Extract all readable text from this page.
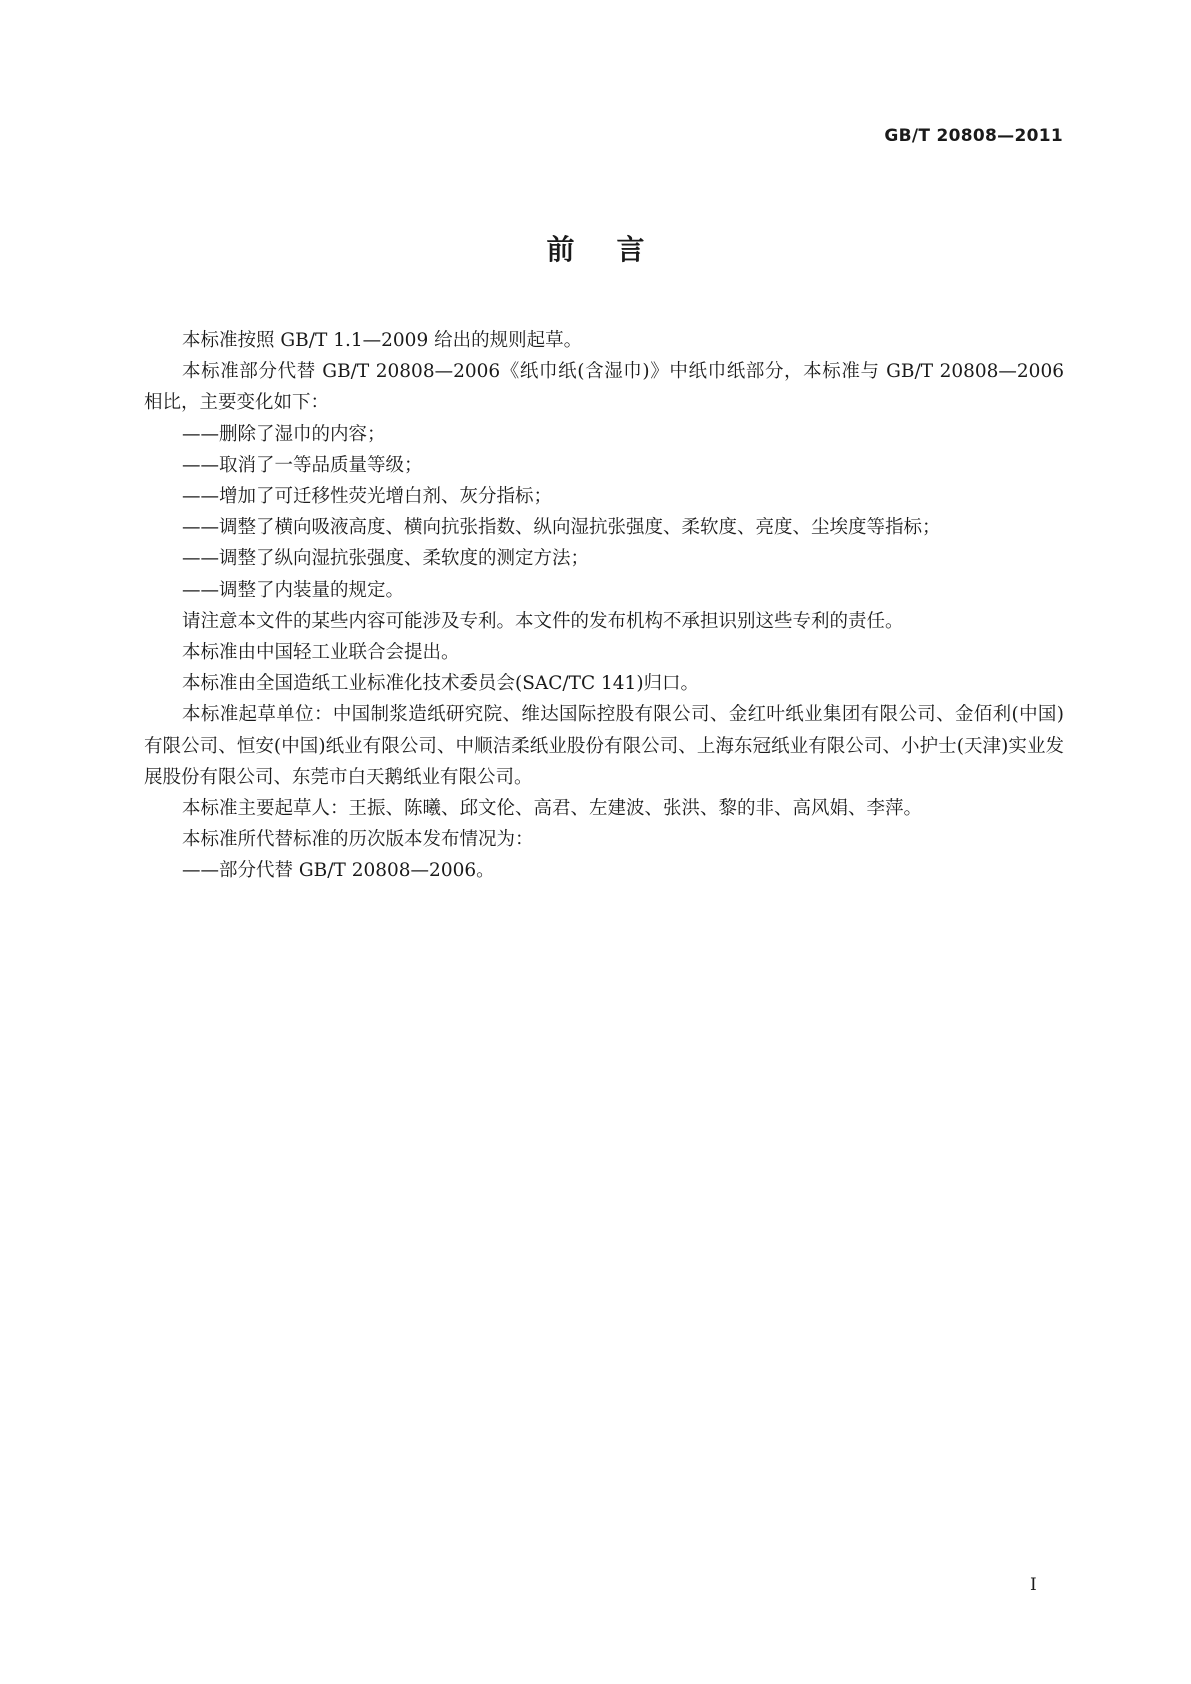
GB/T 20808—2011
前言

本标准按照 GB/T 1.1—2009 给出的规则起草。

本标准部分代替 GB/T 20808—2006《纸巾纸(含湿巾)》中纸巾纸部分，本标准与 GB/T 20808—2006 相比，主要变化如下：

——删除了湿巾的内容；

——取消了一等品质量等级；

——增加了可迁移性荧光增白剂、灰分指标；

——调整了横向吸液高度、横向抗张指数、纵向湿抗张强度、柔软度、亮度、尘埃度等指标；

——调整了纵向湿抗张强度、柔软度的测定方法；

——调整了内装量的规定。

请注意本文件的某些内容可能涉及专利。本文件的发布机构不承担识别这些专利的责任。

本标准由中国轻工业联合会提出。

本标准由全国造纸工业标准化技术委员会(SAC/TC 141)归口。

本标准起草单位：中国制浆造纸研究院、维达国际控股有限公司、金红叶纸业集团有限公司、金佰利(中国)有限公司、恒安(中国)纸业有限公司、中顺洁柔纸业股份有限公司、上海东冠纸业有限公司、小护士(天津)实业发展股份有限公司、东莞市白天鹅纸业有限公司。

本标准主要起草人：王振、陈曦、邱文伦、高君、左建波、张洪、黎的非、高风娟、李萍。

本标准所代替标准的历次版本发布情况为：

——部分代替 GB/T 20808—2006。

I
